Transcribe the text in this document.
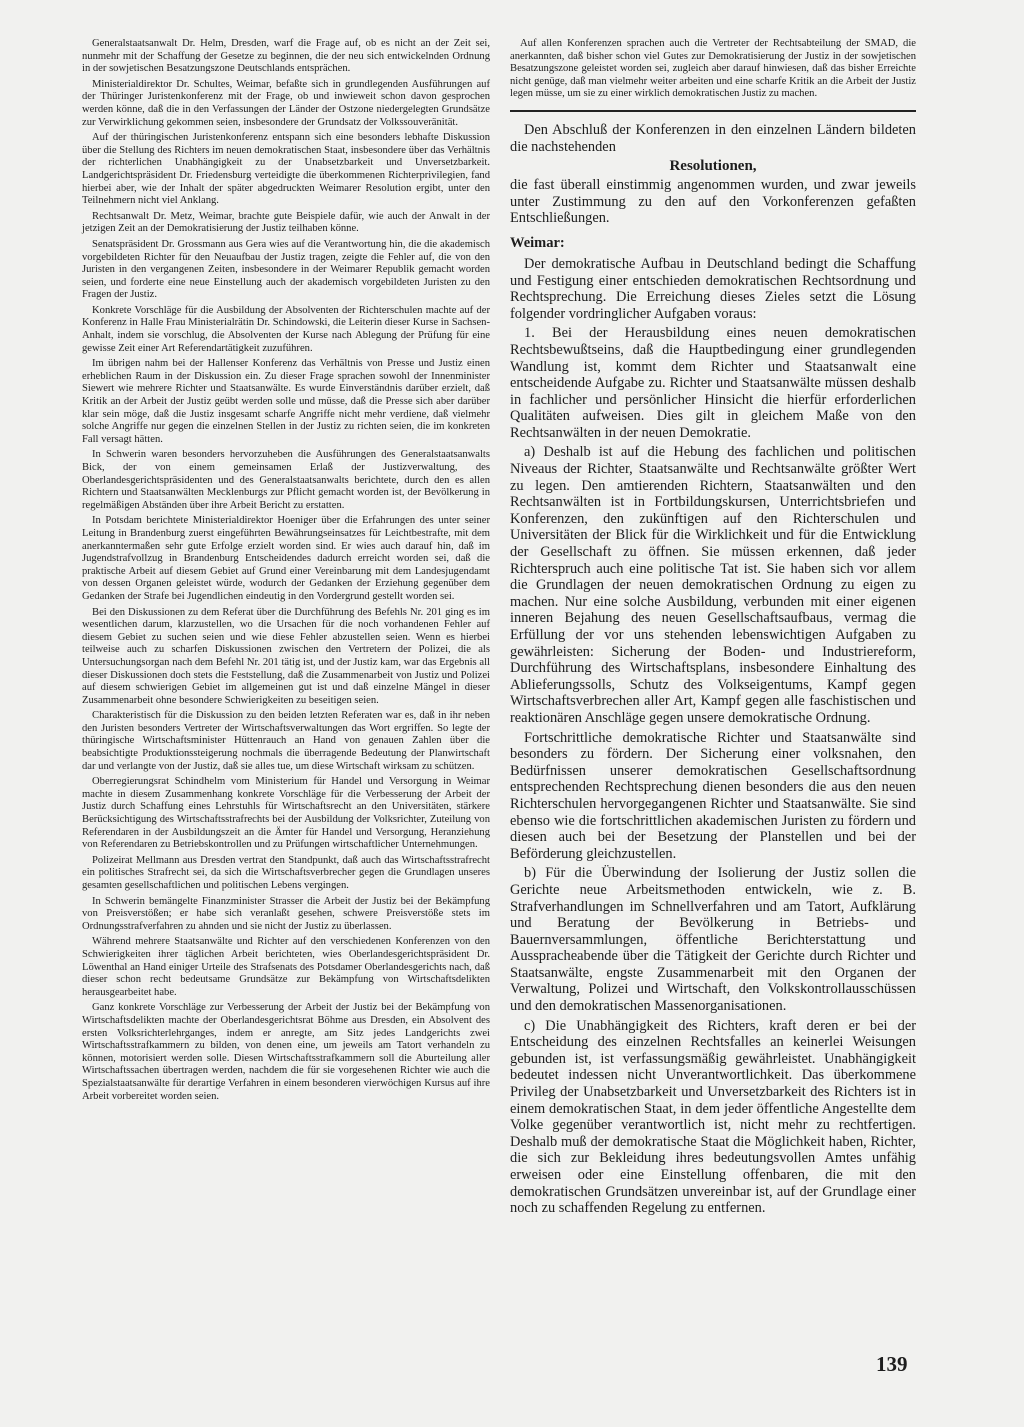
Generalstaatsanwalt Dr. Helm, Dresden, warf die Frage auf, ob es nicht an der Zeit sei, nunmehr mit der Schaffung der Gesetze zu beginnen, die der neu sich entwickelnden Ordnung in der sowjetischen Besatzungszone Deutschlands entsprächen.

Ministerialdirektor Dr. Schultes, Weimar, befaßte sich in grundlegenden Ausführungen auf der Thüringer Juristenkonferenz mit der Frage, ob und inwieweit schon davon gesprochen werden könne, daß die in den Verfassungen der Länder der Ostzone niedergelegten Grundsätze zur Verwirklichung gekommen seien, insbesondere der Grundsatz der Volkssouveränität.

Auf der thüringischen Juristenkonferenz entspann sich eine besonders lebhafte Diskussion über die Stellung des Richters im neuen demokratischen Staat, insbesondere über das Verhältnis der richterlichen Unabhängigkeit zu der Unabsetzbarkeit und Unversetzbarkeit. Landgerichtspräsident Dr. Friedensburg verteidigte die überkommenen Richterprivilegien, fand hierbei aber, wie der Inhalt der später abgedruckten Weimarer Resolution ergibt, unter den Teilnehmern nicht viel Anklang.

Rechtsanwalt Dr. Metz, Weimar, brachte gute Beispiele dafür, wie auch der Anwalt in der jetzigen Zeit an der Demokratisierung der Justiz teilhaben könne.

Senatspräsident Dr. Grossmann aus Gera wies auf die Verantwortung hin, die die akademisch vorgebildeten Richter für den Neuaufbau der Justiz tragen, zeigte die Fehler auf, die von den Juristen in den vergangenen Zeiten, insbesondere in der Weimarer Republik gemacht worden seien, und forderte eine neue Einstellung auch der akademisch vorgebildeten Juristen zu den Fragen der Justiz.

Konkrete Vorschläge für die Ausbildung der Absolventen der Richterschulen machte auf der Konferenz in Halle Frau Ministerialrätin Dr. Schindowski, die Leiterin dieser Kurse in Sachsen-Anhalt, indem sie vorschlug, die Absolventen der Kurse nach Ablegung der Prüfung für eine gewisse Zeit einer Art Referendartätigkeit zuzuführen.

Im übrigen nahm bei der Hallenser Konferenz das Verhältnis von Presse und Justiz einen erheblichen Raum in der Diskussion ein. Zu dieser Frage sprachen sowohl der Innenminister Siewert wie mehrere Richter und Staatsanwälte. Es wurde Einverständnis darüber erzielt, daß Kritik an der Arbeit der Justiz geübt werden solle und müsse, daß die Presse sich aber darüber klar sein möge, daß die Justiz insgesamt scharfe Angriffe nicht mehr verdiene, daß vielmehr solche Angriffe nur gegen die einzelnen Stellen in der Justiz zu richten seien, die im konkreten Fall versagt hätten.

In Schwerin waren besonders hervorzuheben die Ausführungen des Generalstaatsanwalts Bick, der von einem gemeinsamen Erlaß der Justizverwaltung, des Oberlandesgerichtspräsidenten und des Generalstaatsanwalts berichtete, durch den es allen Richtern und Staatsanwälten Mecklenburgs zur Pflicht gemacht worden ist, der Bevölkerung in regelmäßigen Abständen über ihre Arbeit Bericht zu erstatten.

In Potsdam berichtete Ministerialdirektor Hoeniger über die Erfahrungen des unter seiner Leitung in Brandenburg zuerst eingeführten Bewährungseinsatzes für Leichtbestrafte, mit dem anerkanntermaßen sehr gute Erfolge erzielt worden sind. Er wies auch darauf hin, daß im Jugendstrafvollzug in Brandenburg Entscheidendes dadurch erreicht worden sei, daß die praktische Arbeit auf diesem Gebiet auf Grund einer Vereinbarung mit dem Landesjugendamt von dessen Organen geleistet würde, wodurch der Gedanken der Erziehung gegenüber dem Gedanken der Strafe bei Jugendlichen eindeutig in den Vordergrund gestellt worden sei.

Bei den Diskussionen zu dem Referat über die Durchführung des Befehls Nr. 201 ging es im wesentlichen darum, klarzustellen, wo die Ursachen für die noch vorhandenen Fehler auf diesem Gebiet zu suchen seien und wie diese Fehler abzustellen seien. Wenn es hierbei teilweise auch zu scharfen Diskussionen zwischen den Vertretern der Polizei, die als Untersuchungsorgan nach dem Befehl Nr. 201 tätig ist, und der Justiz kam, war das Ergebnis all dieser Diskussionen doch stets die Feststellung, daß die Zusammenarbeit von Justiz und Polizei auf diesem schwierigen Gebiet im allgemeinen gut ist und daß einzelne Mängel in dieser Zusammenarbeit ohne besondere Schwierigkeiten zu beseitigen seien.

Charakteristisch für die Diskussion zu den beiden letzten Referaten war es, daß in ihr neben den Juristen besonders Vertreter der Wirtschaftsverwaltungen das Wort ergriffen. So legte der thüringische Wirtschaftsminister Hüttenrauch an Hand von genauen Zahlen über die beabsichtigte Produktionssteigerung nochmals die überragende Bedeutung der Planwirtschaft dar und verlangte von der Justiz, daß sie alles tue, um diese Wirtschaft wirksam zu schützen.

Oberregierungsrat Schindhelm vom Ministerium für Handel und Versorgung in Weimar machte in diesem Zusammenhang konkrete Vorschläge für die Verbesserung der Arbeit der Justiz durch Schaffung eines Lehrstuhls für Wirtschaftsrecht an den Universitäten, stärkere Berücksichtigung des Wirtschaftsstrafrechts bei der Ausbildung der Volksrichter, Zuteilung von Referendaren in der Ausbildungszeit an die Ämter für Handel und Versorgung, Heranziehung von Referendaren zu Betriebskontrollen und zu Prüfungen wirtschaftlicher Unternehmungen.

Polizeirat Mellmann aus Dresden vertrat den Standpunkt, daß auch das Wirtschaftsstrafrecht ein politisches Strafrecht sei, da sich die Wirtschaftsverbrecher gegen die Grundlagen unseres gesamten gesellschaftlichen und politischen Lebens vergingen.

In Schwerin bemängelte Finanzminister Strasser die Arbeit der Justiz bei der Bekämpfung von Preisverstößen; er habe sich veranlaßt gesehen, schwere Preisverstöße stets im Ordnungsstrafverfahren zu ahnden und sie nicht der Justiz zu überlassen.

Während mehrere Staatsanwälte und Richter auf den verschiedenen Konferenzen von den Schwierigkeiten ihrer täglichen Arbeit berichteten, wies Oberlandesgerichtspräsident Dr. Löwenthal an Hand einiger Urteile des Strafsenats des Potsdamer Oberlandesgerichts nach, daß dieser schon recht bedeutsame Grundsätze zur Bekämpfung von Wirtschaftsdelikten herausgearbeitet habe.

Ganz konkrete Vorschläge zur Verbesserung der Arbeit der Justiz bei der Bekämpfung von Wirtschaftsdelikten machte der Oberlandesgerichtsrat Böhme aus Dresden, ein Absolvent des ersten Volksrichterlehrganges, indem er anregte, am Sitz jedes Landgerichts zwei Wirtschaftsstrafkammern zu bilden, von denen eine, um jeweils am Tatort verhandeln zu können, motorisiert werden solle. Diesen Wirtschaftsstrafkammern soll die Aburteilung aller Wirtschaftssachen übertragen werden, nachdem die für sie vorgesehenen Richter wie auch die Spezialstaatsanwälte für derartige Verfahren in einem besonderen vierwöchigen Kursus auf ihre Arbeit vorbereitet worden seien.

Auf allen Konferenzen sprachen auch die Vertreter der Rechtsabteilung der SMAD, die anerkannten, daß bisher schon viel Gutes zur Demokratisierung der Justiz in der sowjetischen Besatzungszone geleistet worden sei, zugleich aber darauf hinwiesen, daß das bisher Erreichte nicht genüge, daß man vielmehr weiter arbeiten und eine scharfe Kritik an die Arbeit der Justiz legen müsse, um sie zu einer wirklich demokratischen Justiz zu machen.

Den Abschluß der Konferenzen in den einzelnen Ländern bildeten die nachstehenden

Resolutionen,

die fast überall einstimmig angenommen wurden, und zwar jeweils unter Zustimmung zu den auf den Vorkonferenzen gefaßten Entschließungen.

Weimar:

Der demokratische Aufbau in Deutschland bedingt die Schaffung und Festigung einer entschieden demokratischen Rechtsordnung und Rechtsprechung. Die Erreichung dieses Zieles setzt die Lösung folgender vordringlicher Aufgaben voraus:

1. Bei der Herausbildung eines neuen demokratischen Rechtsbewußtseins, daß die Hauptbedingung einer grundlegenden Wandlung ist, kommt dem Richter und Staatsanwalt eine entscheidende Aufgabe zu. Richter und Staatsanwälte müssen deshalb in fachlicher und persönlicher Hinsicht die hierfür erforderlichen Qualitäten aufweisen. Dies gilt in gleichem Maße von den Rechtsanwälten in der neuen Demokratie.

a) Deshalb ist auf die Hebung des fachlichen und politischen Niveaus der Richter, Staatsanwälte und Rechtsanwälte größter Wert zu legen. Den amtierenden Richtern, Staatsanwälten und den Rechtsanwälten ist in Fortbildungskursen, Unterrichtsbriefen und Konferenzen, den zukünftigen auf den Richterschulen und Universitäten der Blick für die Wirklichkeit und für die Entwicklung der Gesellschaft zu öffnen. Sie müssen erkennen, daß jeder Richterspruch auch eine politische Tat ist. Sie haben sich vor allem die Grundlagen der neuen demokratischen Ordnung zu eigen zu machen. Nur eine solche Ausbildung, verbunden mit einer eigenen inneren Bejahung des neuen Gesellschaftsaufbaus, vermag die Erfüllung der vor uns stehenden lebenswichtigen Aufgaben zu gewährleisten: Sicherung der Boden- und Industriereform, Durchführung des Wirtschaftsplans, insbesondere Einhaltung des Ablieferungssolls, Schutz des Volkseigentums, Kampf gegen Wirtschaftsverbrechen aller Art, Kampf gegen alle faschistischen und reaktionären Anschläge gegen unsere demokratische Ordnung.

Fortschrittliche demokratische Richter und Staatsanwälte sind besonders zu fördern. Der Sicherung einer volksnahen, den Bedürfnissen unserer demokratischen Gesellschaftsordnung entsprechenden Rechtsprechung dienen besonders die aus den neuen Richterschulen hervorgegangenen Richter und Staatsanwälte. Sie sind ebenso wie die fortschrittlichen akademischen Juristen zu fördern und diesen auch bei der Besetzung der Planstellen und bei der Beförderung gleichzustellen.

b) Für die Überwindung der Isolierung der Justiz sollen die Gerichte neue Arbeitsmethoden entwickeln, wie z. B. Strafverhandlungen im Schnellverfahren und am Tatort, Aufklärung und Beratung der Bevölkerung in Betriebs- und Bauernversammlungen, öffentliche Berichterstattung und Ausspracheabende über die Tätigkeit der Gerichte durch Richter und Staatsanwälte, engste Zusammenarbeit mit den Organen der Verwaltung, Polizei und Wirtschaft, den Volkskontrollausschüssen und den demokratischen Massenorganisationen.

c) Die Unabhängigkeit des Richters, kraft deren er bei der Entscheidung des einzelnen Rechtsfalles an keinerlei Weisungen gebunden ist, ist verfassungsmäßig gewährleistet. Unabhängigkeit bedeutet indessen nicht Unverantwortlichkeit. Das überkommene Privileg der Unabsetzbarkeit und Unversetzbarkeit des Richters ist in einem demokratischen Staat, in dem jeder öffentliche Angestellte dem Volke gegenüber verantwortlich ist, nicht mehr zu rechtfertigen. Deshalb muß der demokratische Staat die Möglichkeit haben, Richter, die sich zur Bekleidung ihres bedeutungsvollen Amtes unfähig erweisen oder eine Einstellung offenbaren, die mit den demokratischen Grundsätzen unvereinbar ist, auf der Grundlage einer noch zu schaffenden Regelung zu entfernen.

139
